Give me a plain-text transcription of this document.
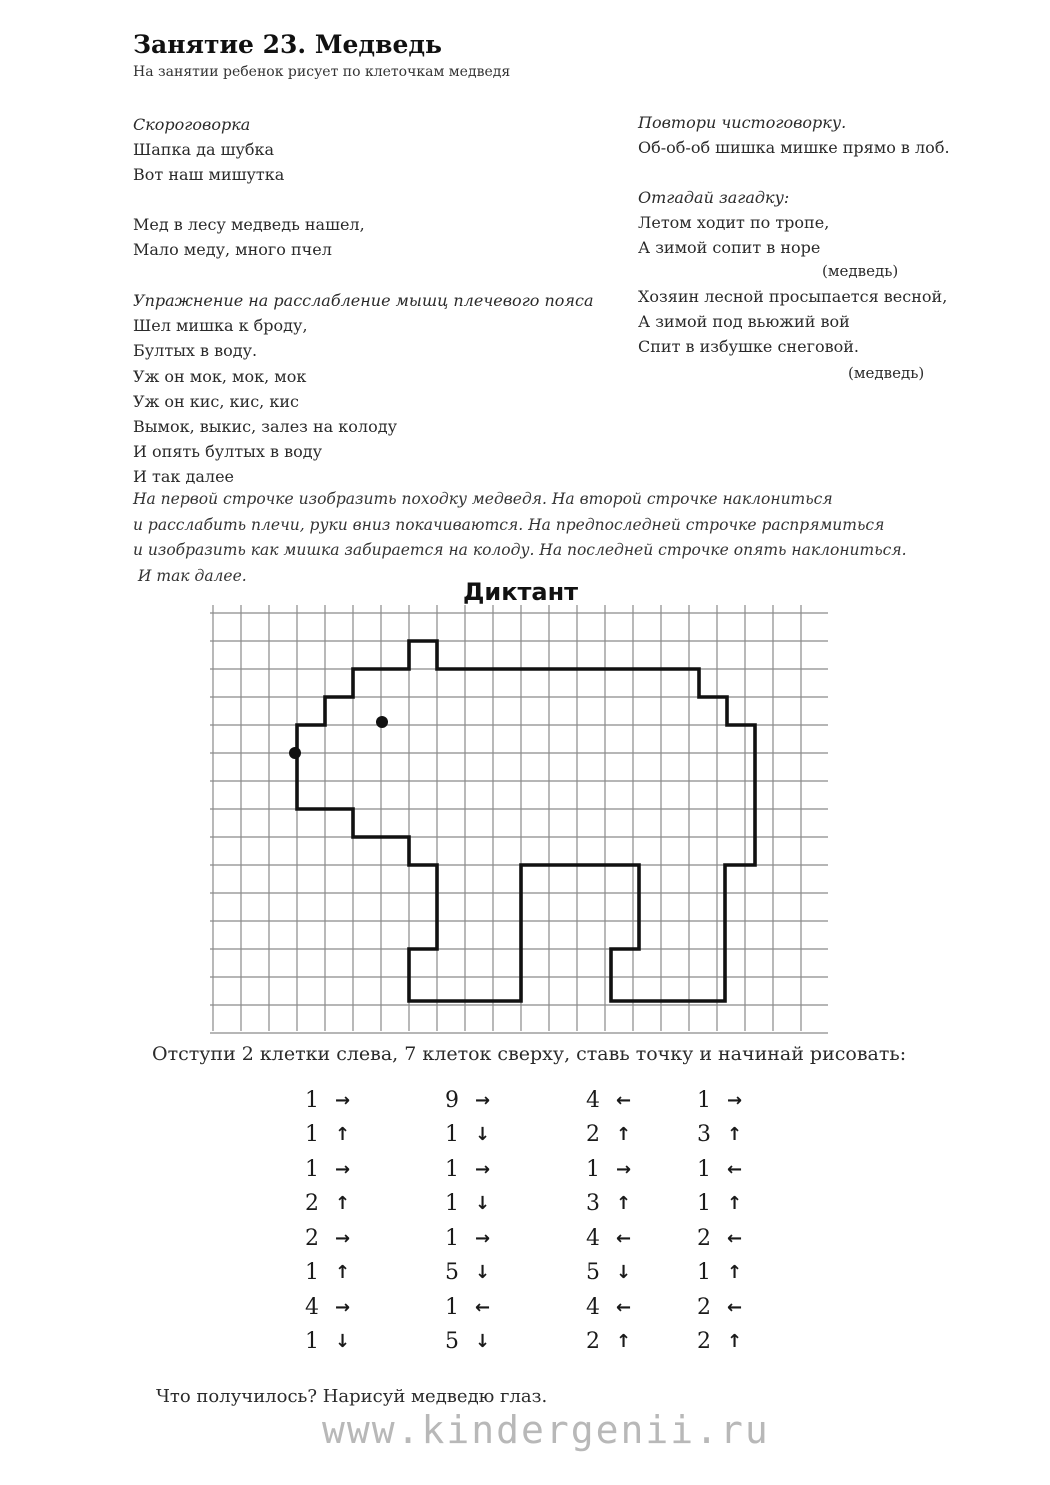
Занятие 23. Медведь
На занятии ребенок рисует по клеточкам медведя
Скороговорка
Шапка да шубка
Вот наш мишутка
Мед в лесу медведь нашел,
Мало меду, много пчел
Упражнение на расслабление мышц плечевого пояса
Шел мишка к броду,
Бултых в воду.
Уж он мок, мок, мок
Уж он кис, кис, кис
Вымок, выкис, залез на колоду
И опять бултых в воду
И так далее
Повтори чистоговорку.
Об-об-об шишка мишке прямо в лоб.
Отгадай загадку:
Летом ходит по тропе,
А зимой сопит в норе
(медведь)
Хозяин лесной просыпается весной,
А зимой под вьюжий вой
Спит в избушке снеговой.
(медведь)
На первой строчке изобразить походку медведя. На второй строчке наклониться
и расслабить плечи, руки вниз покачиваются. На предпоследней строчке распрямиться
и изобразить как мишка забирается на колоду. На последней строчке опять наклониться.
И так далее.
Диктант
Отступи 2 клетки слева, 7 клеток сверху, ставь точку и начинай рисовать:
1 →
1 ↑
1 →
2 ↑
2 →
1 ↑
4 →
1 ↓
9 →
1 ↓
1 →
1 ↓
1 →
5 ↓
1 ←
5 ↓
4 ←
2 ↑
1 →
3 ↑
4 ←
5 ↓
4 ←
2 ↑
1 →
3 ↑
1 ←
1 ↑
2 ←
1 ↑
2 ←
2 ↑
Что получилось? Нарисуй медведю глаз.
www.kindergenii.ru
